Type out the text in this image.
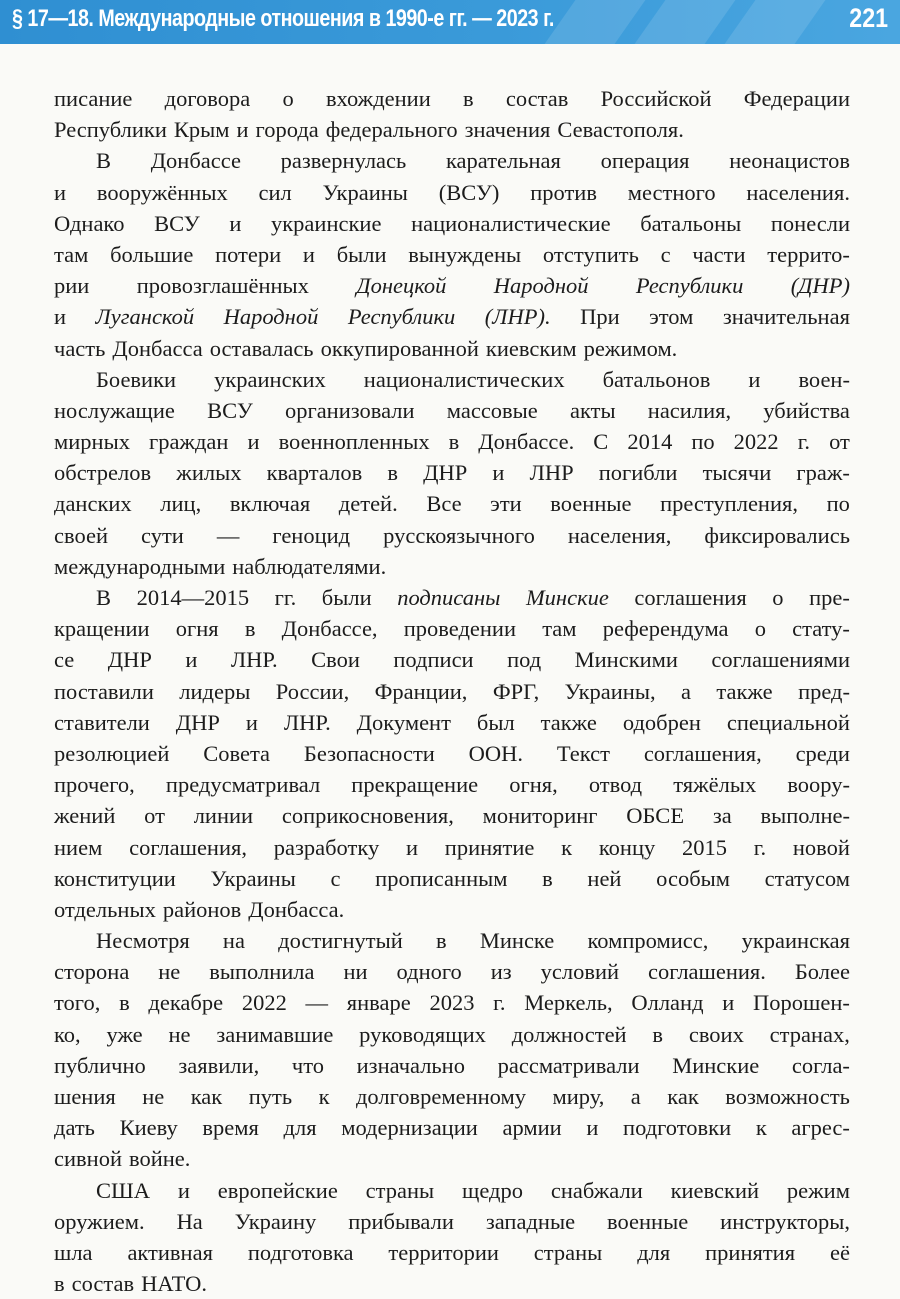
§ 17—18. Международные отношения в 1990-е гг. — 2023 г.	221
писание договора о вхождении в состав Российской Федерации
Республики Крым и города федерального значения Севастополя.
В Донбассе развернулась карательная операция неонацистов
и вооружённых сил Украины (ВСУ) против местного населения.
Однако ВСУ и украинские националистические батальоны понесли
там большие потери и были вынуждены отступить с части террито-
рии провозглашённых Донецкой Народной Республики (ДНР)
и Луганской Народной Республики (ЛНР). При этом значительная
часть Донбасса оставалась оккупированной киевским режимом.
Боевики украинских националистических батальонов и воен-
нослужащие ВСУ организовали массовые акты насилия, убийства
мирных граждан и военнопленных в Донбассе. С 2014 по 2022 г. от
обстрелов жилых кварталов в ДНР и ЛНР погибли тысячи граж-
данских лиц, включая детей. Все эти военные преступления, по
своей сути — геноцид русскоязычного населения, фиксировались
международными наблюдателями.
В 2014—2015 гг. были подписаны Минские соглашения о пре-
кращении огня в Донбассе, проведении там референдума о стату-
се ДНР и ЛНР. Свои подписи под Минскими соглашениями
поставили лидеры России, Франции, ФРГ, Украины, а также пред-
ставители ДНР и ЛНР. Документ был также одобрен специальной
резолюцией Совета Безопасности ООН. Текст соглашения, среди
прочего, предусматривал прекращение огня, отвод тяжёлых воору-
жений от линии соприкосновения, мониторинг ОБСЕ за выполне-
нием соглашения, разработку и принятие к концу 2015 г. новой
конституции Украины с прописанным в ней особым статусом
отдельных районов Донбасса.
Несмотря на достигнутый в Минске компромисс, украинская
сторона не выполнила ни одного из условий соглашения. Более
того, в декабре 2022 — январе 2023 г. Меркель, Олланд и Порошен-
ко, уже не занимавшие руководящих должностей в своих странах,
публично заявили, что изначально рассматривали Минские согла-
шения не как путь к долговременному миру, а как возможность
дать Киеву время для модернизации армии и подготовки к агрес-
сивной войне.
США и европейские страны щедро снабжали киевский режим
оружием. На Украину прибывали западные военные инструкторы,
шла активная подготовка территории страны для принятия её
в состав НАТО.
